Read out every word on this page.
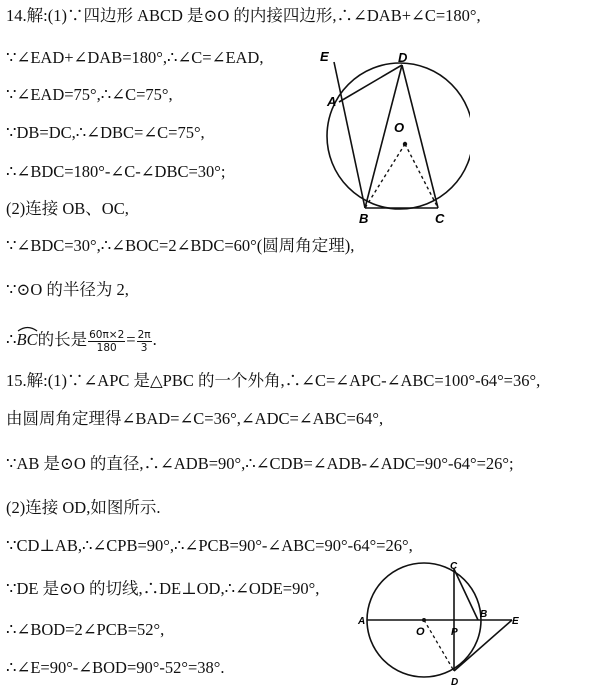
14.解:(1)∵四边形 ABCD 是⊙O 的内接四边形,∴∠DAB+∠C=180°,
∵∠EAD+∠DAB=180°,∴∠C=∠EAD,
∵∠EAD=75°,∴∠C=75°,
∵DB=DC,∴∠DBC=∠C=75°,
∴∠BDC=180°-∠C-∠DBC=30°;
(2)连接 OB、OC,
∵∠BDC=30°,∴∠BOC=2∠BDC=60°(圆周角定理),
∵⊙O 的半径为 2,
∴
BC的长是 $\frac{60\pi\times 2}{180} = \frac{2\pi}{3}$ .
15.解:(1)∵∠APC 是△PBC 的一个外角,∴∠C=∠APC-∠ABC=100°-64°=36°,
由圆周角定理得∠BAD=∠C=36°,∠ADC=∠ABC=64°,
∵AB 是⊙O 的直径,∴∠ADB=90°,∴∠CDB=∠ADB-∠ADC=90°-64°=26°;
(2)连接 OD,如图所示.
∵CD⊥AB,∴∠CPB=90°,∴∠PCB=90°-∠ABC=90°-64°=26°,
∵DE 是⊙O 的切线,∴DE⊥OD,∴∠ODE=90°,
∴∠BOD=2∠PCB=52°,
∴∠E=90°-∠BOD=90°-52°=38°.
E
A
D
O
B	C
A
O	P
B
E
C
D
